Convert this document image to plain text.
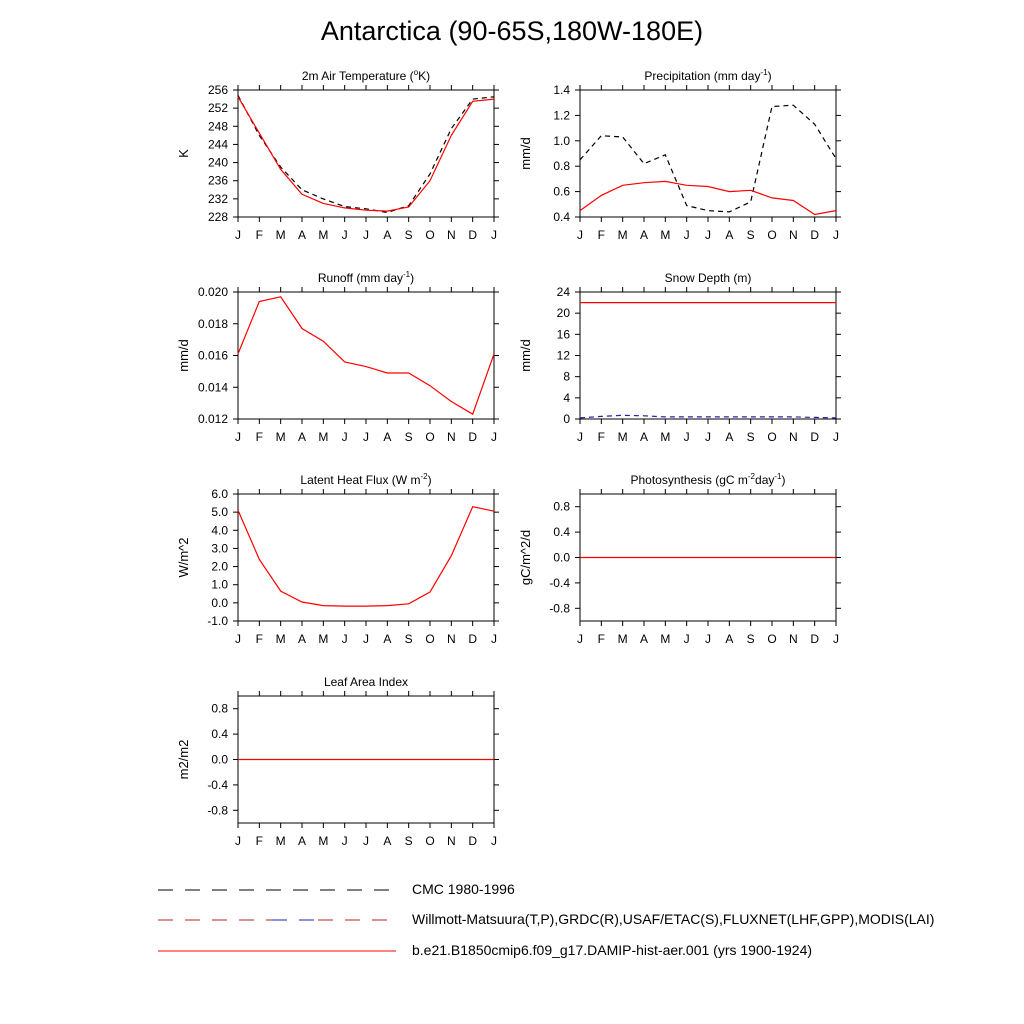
Antarctica (90-65S,180W-180E)
J F M A M J J A S O N D J
228
232
236
240
244
248
252
256
K
2m Air Temperature ($^o$K)
J F M A M J J A S O N D J
0.4
0.6
0.8
1.0
1.2
1.4
mm/d
Precipitation (mm day$^{-1}$)
J F M A M J J A S O N D J
0.012
0.014
0.016
0.018
0.020
mm/d
Runoff (mm day$^{-1}$)
J F M A M J J A S O N D J
0
4
8
12
16
20
24
mm/d
Snow Depth (m)
J F M A M J J A S O N D J
-1.0
0.0
1.0
2.0
3.0
4.0
5.0
6.0
W/m^2
Latent Heat Flux (W $m^{-2}$)
J F M A M J J A S O N D J
-0.8
-0.4
0.0
0.4
0.8
gC/m^2/d
Photosynthesis (gC $m^{-2}day^{-1}$)
J F M A M J J A S O N D J
-0.8
-0.4
0.0
0.4
0.8
m2/m2
Leaf Area Index
CMC 1980-1996
Willmott-Matsuura(T,P),GRDC(R),USAF/ETAC(S),FLUXNET(LHF,GPP),MODIS(LAI)
b.e21.B1850cmip6.f09_g17.DAMIP-hist-aer.001 (yrs 1900-1924)
